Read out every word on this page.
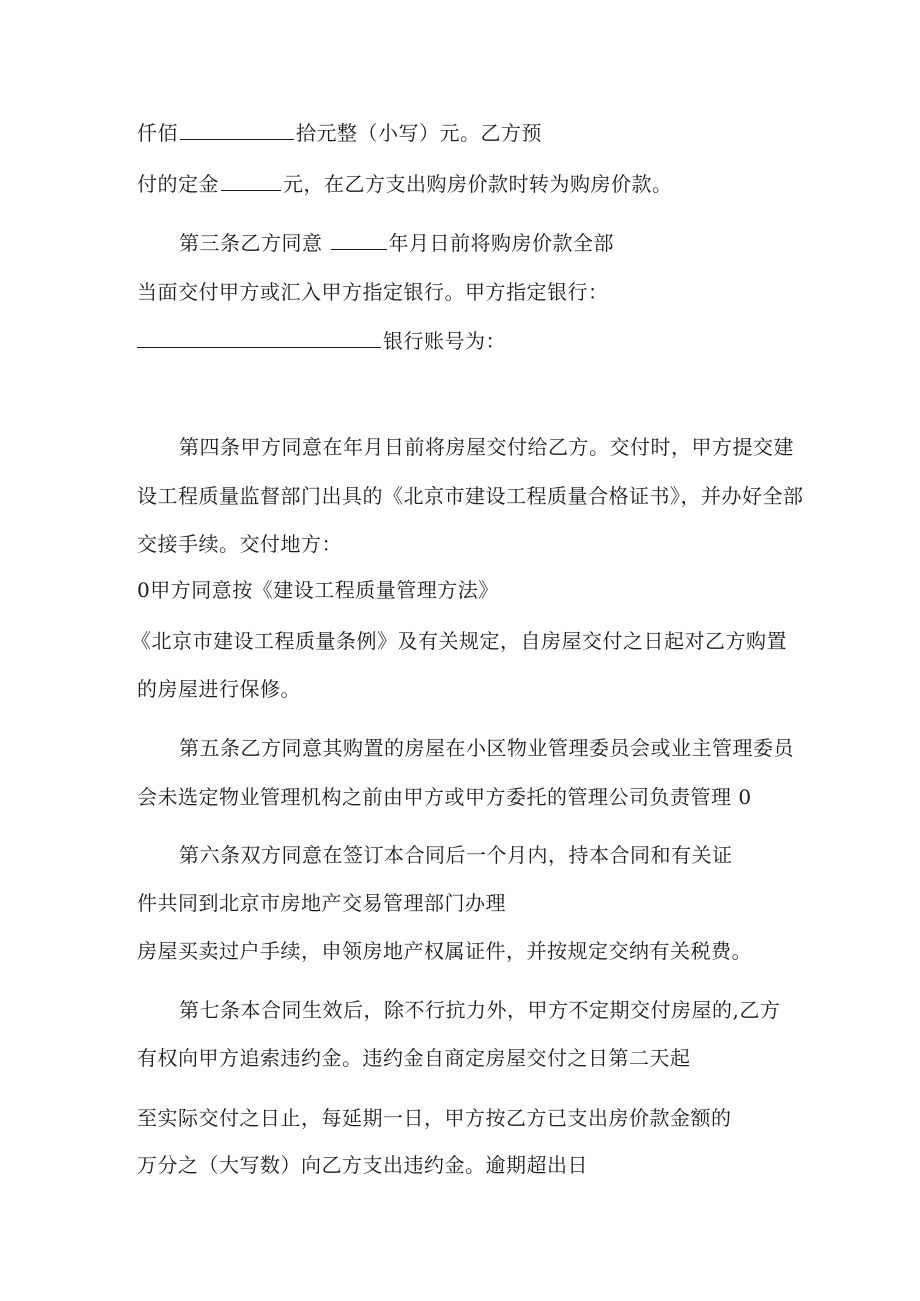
仟佰	拾元整（小写）元。乙方预
付的定金	元，在乙方支出购房价款时转为购房价款。
第三条乙方同意	年月日前将购房价款全部
当面交付甲方或汇入甲方指定银行。甲方指定银行：
银行账号为：
第四条甲方同意在年月日前将房屋交付给乙方。交付时，甲方提交建
设工程质量监督部门出具的《北京市建设工程质量合格证书》，并办好全部
交接手续。交付地方：
0甲方同意按《建设工程质量管理方法》
《北京市建设工程质量条例》及有关规定，自房屋交付之日起对乙方购置
的房屋进行保修。
第五条乙方同意其购置的房屋在小区物业管理委员会或业主管理委员
会未选定物业管理机构之前由甲方或甲方委托的管理公司负责管理 0
第六条双方同意在签订本合同后一个月内，持本合同和有关证
件共同到北京市房地产交易管理部门办理
房屋买卖过户手续，申领房地产权属证件，并按规定交纳有关税费。
第七条本合同生效后，除不行抗力外，甲方不定期交付房屋的,乙方
有权向甲方追索违约金。违约金自商定房屋交付之日第二天起
至实际交付之日止，每延期一日，甲方按乙方已支出房价款金额的
万分之（大写数）向乙方支出违约金。逾期超出日
